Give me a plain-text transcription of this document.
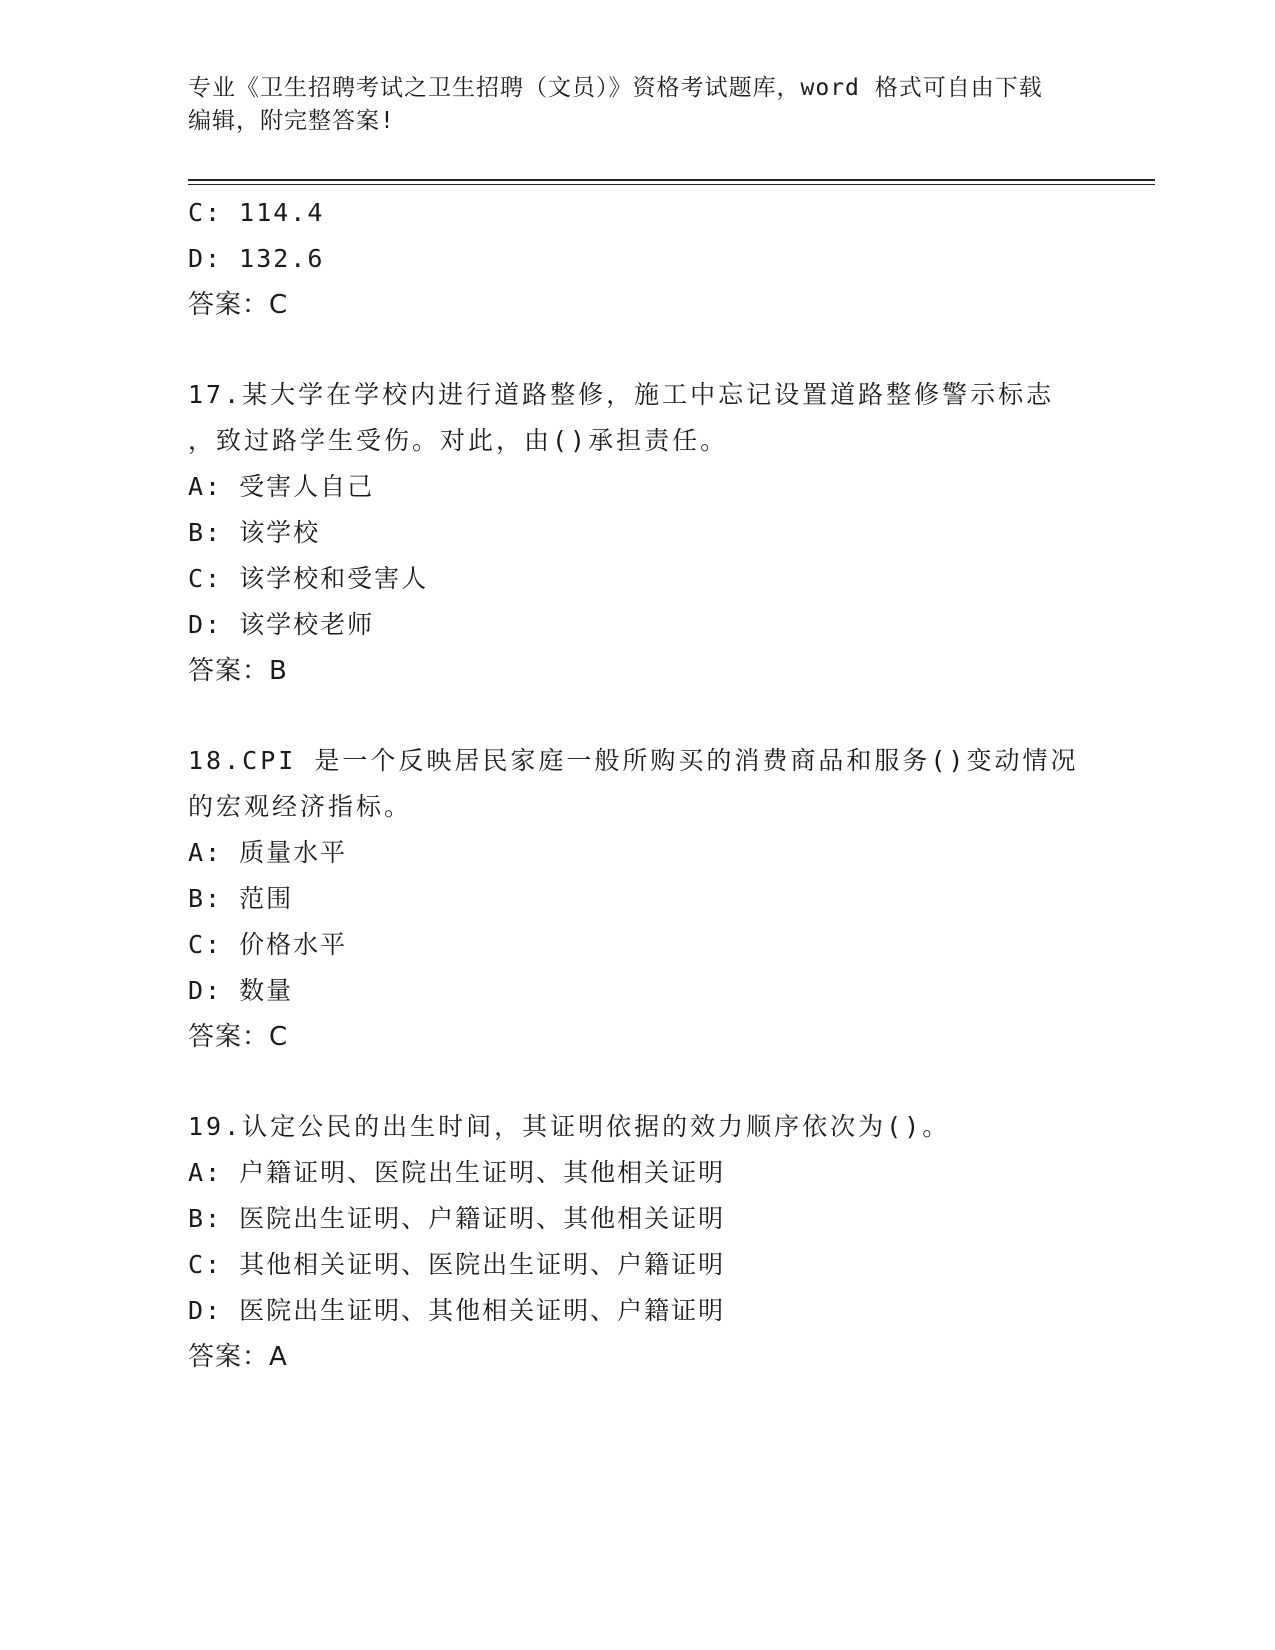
专业《卫生招聘考试之卫生招聘（文员）》资格考试题库，word 格式可自由下载
编辑，附完整答案!
C: 114.4
D: 132.6
答案：C
17.某大学在学校内进行道路整修，施工中忘记设置道路整修警示标志
，致过路学生受伤。对此，由()承担责任。
A: 受害人自己
B: 该学校
C: 该学校和受害人
D: 该学校老师
答案：B
18.CPI 是一个反映居民家庭一般所购买的消费商品和服务()变动情况
的宏观经济指标。
A: 质量水平
B: 范围
C: 价格水平
D: 数量
答案：C
19.认定公民的出生时间，其证明依据的效力顺序依次为()。
A: 户籍证明、医院出生证明、其他相关证明
B: 医院出生证明、户籍证明、其他相关证明
C: 其他相关证明、医院出生证明、户籍证明
D: 医院出生证明、其他相关证明、户籍证明
答案：A
